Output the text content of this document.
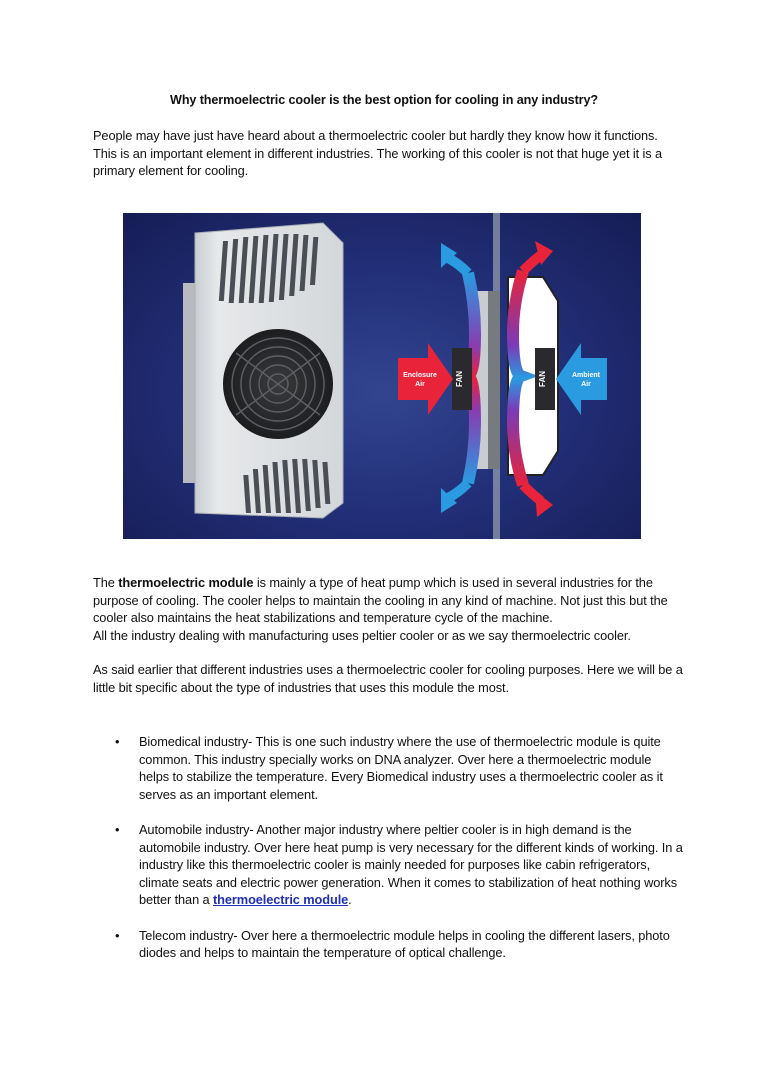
Why thermoelectric cooler is the best option for cooling in any industry?
People may have just have heard about a thermoelectric cooler but hardly they know how it functions. This is an important element in different industries. The working of this cooler is not that huge yet it is a primary element for cooling.
FAN	FAN
Enclosure
Air
Ambient
Air
The thermoelectric module is mainly a type of heat pump which is used in several industries for the purpose of cooling. The cooler helps to maintain the cooling in any kind of machine. Not just this but the cooler also maintains the heat stabilizations and temperature cycle of the machine.
All the industry dealing with manufacturing uses peltier cooler or as we say thermoelectric cooler.
As said earlier that different industries uses a thermoelectric cooler for cooling purposes. Here we will be a little bit specific about the type of industries that uses this module the most.
• Biomedical industry- This is one such industry where the use of thermoelectric module is quite common. This industry specially works on DNA analyzer. Over here a thermoelectric module helps to stabilize the temperature. Every Biomedical industry uses a thermoelectric cooler as it serves as an important element.
• Automobile industry- Another major industry where peltier cooler is in high demand is the automobile industry. Over here heat pump is very necessary for the different kinds of working. In a industry like this thermoelectric cooler is mainly needed for purposes like cabin refrigerators, climate seats and electric power generation. When it comes to stabilization of heat nothing works better than a thermoelectric module.
• Telecom industry- Over here a thermoelectric module helps in cooling the different lasers, photo diodes and helps to maintain the temperature of optical challenge.
